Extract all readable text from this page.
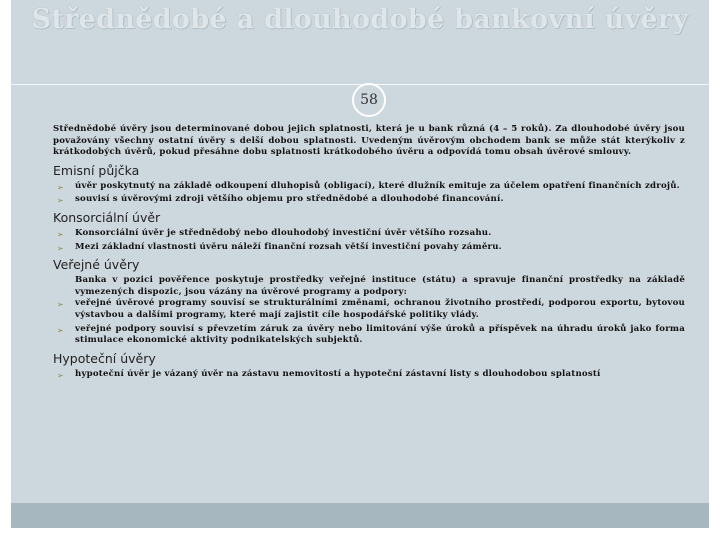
Střednědobé a dlouhodobé bankovní úvěry
58

Střednědobé úvěry jsou determinované dobou jejich splatnosti, která je u bank různá (4 – 5 roků). Za dlouhodobé úvěry jsou považovány všechny ostatní úvěry s delší dobou splatnosti. Uvedeným úvěrovým obchodem bank se může stát kterýkoliv z krátkodobých úvěrů, pokud přesáhne dobu splatnosti krátkodobého úvěru a odpovídá tomu obsah úvěrové smlouvy.

Emisní půjčka
➢ úvěr poskytnutý na základě odkoupení dluhopisů (obligací), které dlužník emituje za účelem opatření finančních zdrojů.
➢ souvisí s úvěrovými zdroji většího objemu pro střednědobé a dlouhodobé financování.
Konsorciální úvěr
➢ Konsorciální úvěr je střednědobý nebo dlouhodobý investiční úvěr většího rozsahu.
➢ Mezi základní vlastnosti úvěru náleží finanční rozsah větší investiční povahy záměru.
Veřejné úvěry
Banka v pozici pověřence poskytuje prostředky veřejné instituce (státu) a spravuje finanční prostředky na základě vymezených dispozic, jsou vázány na úvěrové programy a podpory:
➢ veřejné úvěrové programy souvisí se strukturálními změnami, ochranou životního prostředí, podporou exportu, bytovou výstavbou a dalšími programy, které mají zajistit cíle hospodářské politiky vlády.
➢ veřejné podpory souvisí s převzetím záruk za úvěry nebo limitování výše úroků a příspěvek na úhradu úroků jako forma stimulace ekonomické aktivity podnikatelských subjektů.
Hypoteční úvěry
➢ hypoteční úvěr je vázaný úvěr na zástavu nemovitostí a hypoteční zástavní listy s dlouhodobou splatností
